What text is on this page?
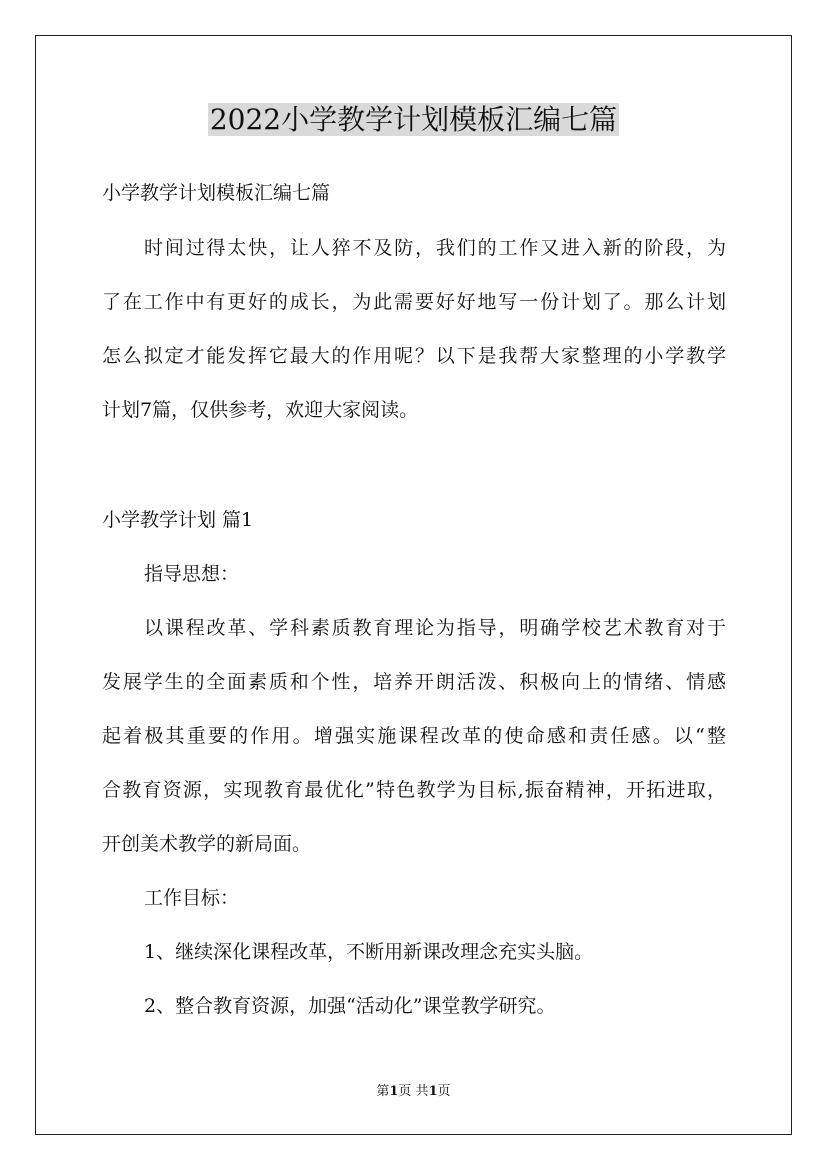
2022小学教学计划模板汇编七篇

小学教学计划模板汇编七篇

时间过得太快，让人猝不及防，我们的工作又进入新的阶段，为

了在工作中有更好的成长，为此需要好好地写一份计划了。那么计划

怎么拟定才能发挥它最大的作用呢？以下是我帮大家整理的小学教学

计划7篇，仅供参考，欢迎大家阅读。

小学教学计划 篇1

指导思想：

以课程改革、学科素质教育理论为指导，明确学校艺术教育对于

发展学生的全面素质和个性，培养开朗活泼、积极向上的情绪、情感

起着极其重要的作用。增强实施课程改革的使命感和责任感。以“整

合教育资源，实现教育最优化”特色教学为目标,振奋精神，开拓进取，

开创美术教学的新局面。

工作目标：

1、继续深化课程改革，不断用新课改理念充实头脑。

2、整合教育资源，加强“活动化”课堂教学研究。

第1页 共1页
